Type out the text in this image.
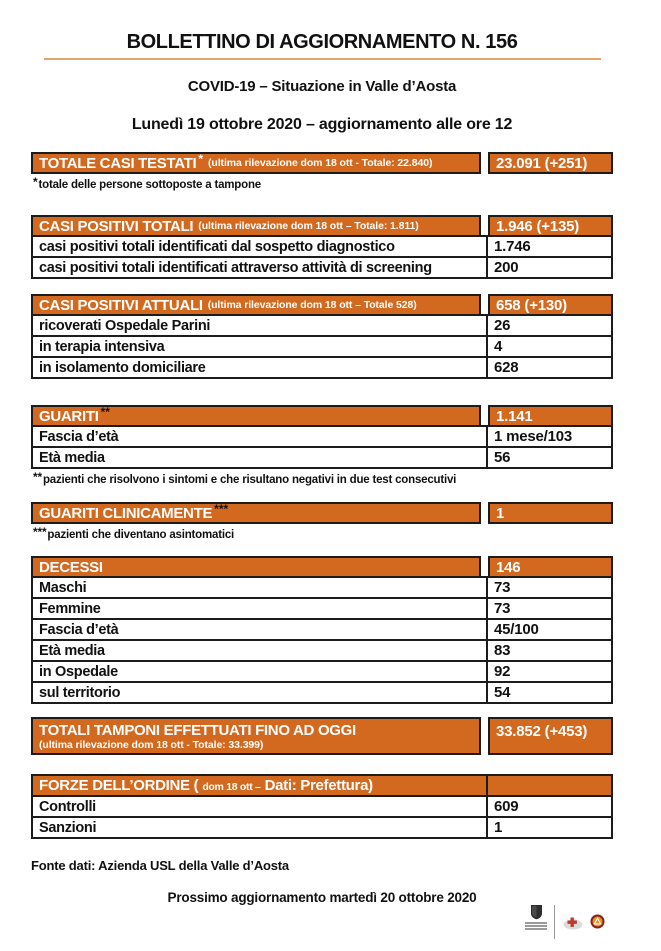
BOLLETTINO DI AGGIORNAMENTO N. 156
COVID-19 – Situazione in Valle d’Aosta
Lunedì 19 ottobre 2020 – aggiornamento alle ore 12
TOTALE CASI TESTATI * (ultima rilevazione dom 18 ott - Totale: 22.840)	23.091 (+251)

*totale delle persone sottoposte a tampone

CASI POSITIVI TOTALI (ultima rilevazione dom 18 ott – Totale: 1.811)	1.946 (+135)
casi positivi totali identificati dal sospetto diagnostico	1.746
casi positivi totali identificati attraverso attività di screening	200
CASI POSITIVI ATTUALI (ultima rilevazione dom 18 ott – Totale 528)	658 (+130)
ricoverati Ospedale Parini	26
in terapia intensiva	4
in isolamento domiciliare	628
GUARITI **	1.141
Fascia d’età	1 mese/103
Età media	56

**pazienti che risolvono i sintomi e che risultano negativi in due test consecutivi

GUARITI CLINICAMENTE ***	1

***pazienti che diventano asintomatici

DECESSI	146
Maschi	73
Femmine	73
Fascia d’età	45/100
Età media	83
in Ospedale	92
sul territorio	54
TOTALI TAMPONI EFFETTUATI FINO AD OGGI
(ultima rilevazione dom 18 ott - Totale: 33.399)
33.852 (+453)
FORZE DELL’ORDINE ( dom 18 ott – Dati: Prefettura)
Controlli	609
Sanzioni	1

Fonte dati: Azienda USL della Valle d’Aosta

Prossimo aggiornamento martedì 20 ottobre 2020
